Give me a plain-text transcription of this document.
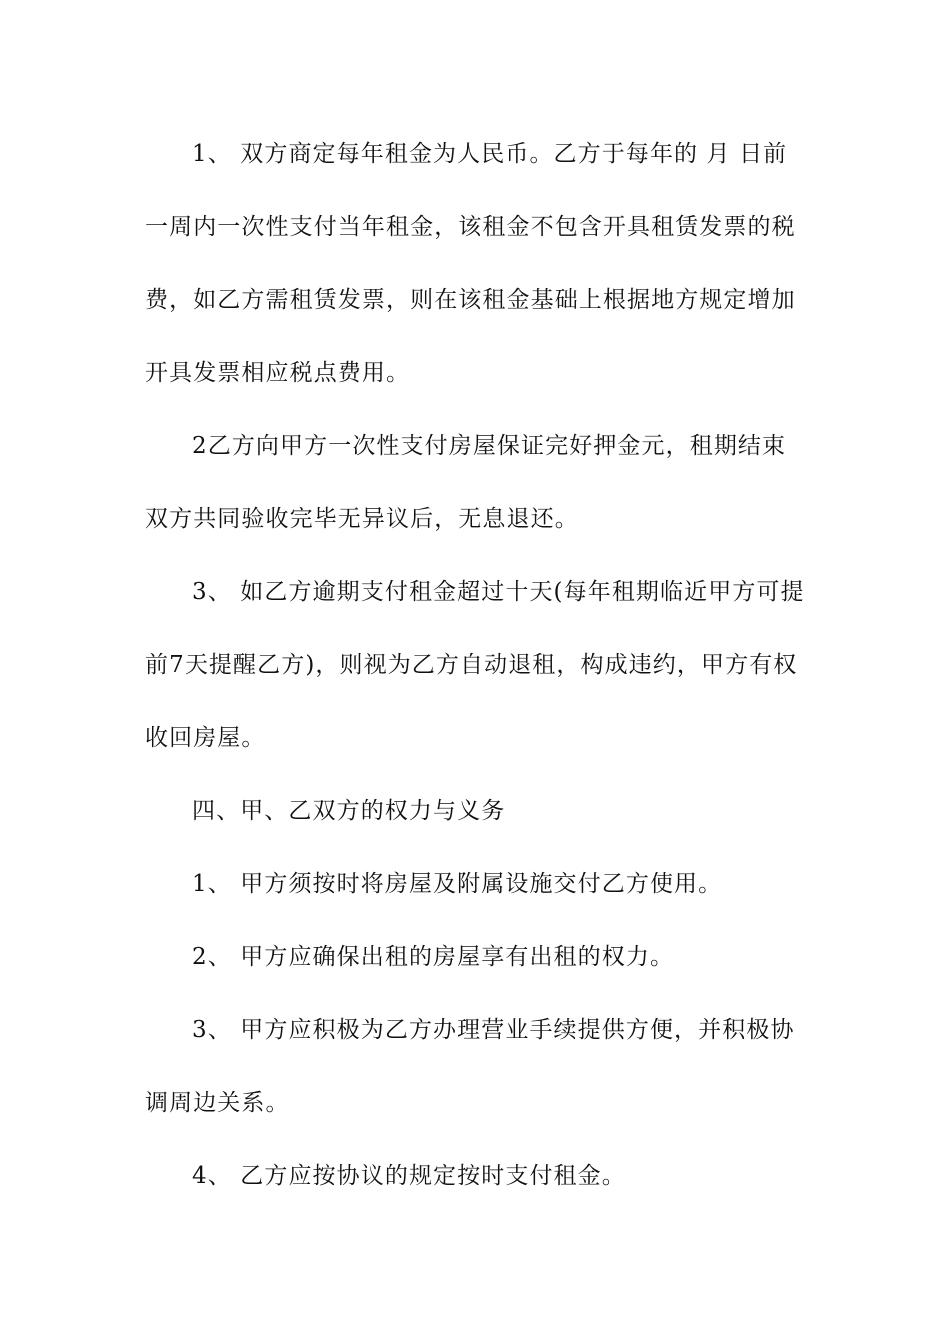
1、 双方商定每年租金为人民币。乙方于每年的 月 日前
一周内一次性支付当年租金，该租金不包含开具租赁发票的税
费，如乙方需租赁发票，则在该租金基础上根据地方规定增加
开具发票相应税点费用。
2乙方向甲方一次性支付房屋保证完好押金元，租期结束
双方共同验收完毕无异议后，无息退还。
3、 如乙方逾期支付租金超过十天(每年租期临近甲方可提
前7天提醒乙方)，则视为乙方自动退租，构成违约，甲方有权
收回房屋。
四、甲、乙双方的权力与义务
1、 甲方须按时将房屋及附属设施交付乙方使用。
2、 甲方应确保出租的房屋享有出租的权力。
3、 甲方应积极为乙方办理营业手续提供方便，并积极协
调周边关系。
4、 乙方应按协议的规定按时支付租金。
